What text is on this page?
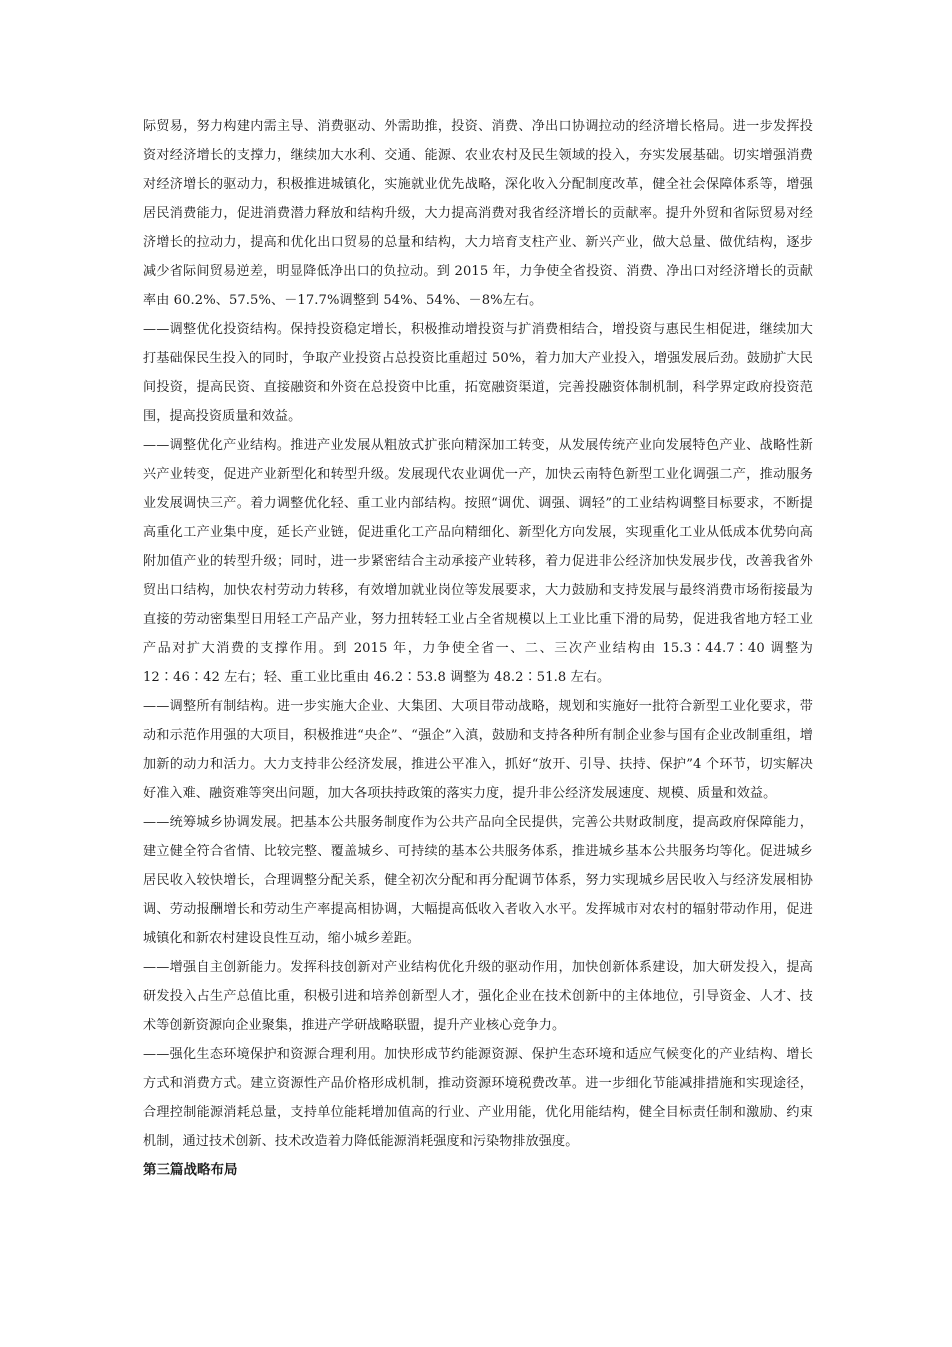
际贸易，努力构建内需主导、消费驱动、外需助推，投资、消费、净出口协调拉动的经济增长格局。进一步发挥投资对经济增长的支撑力，继续加大水利、交通、能源、农业农村及民生领域的投入，夯实发展基础。切实增强消费对经济增长的驱动力，积极推进城镇化，实施就业优先战略，深化收入分配制度改革，健全社会保障体系等，增强居民消费能力，促进消费潜力释放和结构升级，大力提高消费对我省经济增长的贡献率。提升外贸和省际贸易对经济增长的拉动力，提高和优化出口贸易的总量和结构，大力培育支柱产业、新兴产业，做大总量、做优结构，逐步减少省际间贸易逆差，明显降低净出口的负拉动。到 2015 年，力争使全省投资、消费、净出口对经济增长的贡献率由 60.2%、57.5%、－17.7%调整到 54%、54%、－8%左右。

——调整优化投资结构。保持投资稳定增长，积极推动增投资与扩消费相结合，增投资与惠民生相促进，继续加大打基础保民生投入的同时，争取产业投资占总投资比重超过 50%，着力加大产业投入，增强发展后劲。鼓励扩大民间投资，提高民资、直接融资和外资在总投资中比重，拓宽融资渠道，完善投融资体制机制，科学界定政府投资范围，提高投资质量和效益。

——调整优化产业结构。推进产业发展从粗放式扩张向精深加工转变，从发展传统产业向发展特色产业、战略性新兴产业转变，促进产业新型化和转型升级。发展现代农业调优一产，加快云南特色新型工业化调强二产，推动服务业发展调快三产。着力调整优化轻、重工业内部结构。按照“调优、调强、调轻”的工业结构调整目标要求，不断提高重化工产业集中度，延长产业链，促进重化工产品向精细化、新型化方向发展，实现重化工业从低成本优势向高附加值产业的转型升级；同时，进一步紧密结合主动承接产业转移，着力促进非公经济加快发展步伐，改善我省外贸出口结构，加快农村劳动力转移，有效增加就业岗位等发展要求，大力鼓励和支持发展与最终消费市场衔接最为直接的劳动密集型日用轻工产品产业，努力扭转轻工业占全省规模以上工业比重下滑的局势，促进我省地方轻工业产品对扩大消费的支撑作用。到 2015 年，力争使全省一、二、三次产业结构由 15.3∶44.7∶40 调整为 12∶46∶42 左右；轻、重工业比重由 46.2∶53.8 调整为 48.2∶51.8 左右。

——调整所有制结构。进一步实施大企业、大集团、大项目带动战略，规划和实施好一批符合新型工业化要求，带动和示范作用强的大项目，积极推进“央企”、“强企”入滇，鼓励和支持各种所有制企业参与国有企业改制重组，增加新的动力和活力。大力支持非公经济发展，推进公平准入，抓好“放开、引导、扶持、保护”4 个环节，切实解决好准入难、融资难等突出问题，加大各项扶持政策的落实力度，提升非公经济发展速度、规模、质量和效益。

——统筹城乡协调发展。把基本公共服务制度作为公共产品向全民提供，完善公共财政制度，提高政府保障能力，建立健全符合省情、比较完整、覆盖城乡、可持续的基本公共服务体系，推进城乡基本公共服务均等化。促进城乡居民收入较快增长，合理调整分配关系，健全初次分配和再分配调节体系，努力实现城乡居民收入与经济发展相协调、劳动报酬增长和劳动生产率提高相协调，大幅提高低收入者收入水平。发挥城市对农村的辐射带动作用，促进城镇化和新农村建设良性互动，缩小城乡差距。

——增强自主创新能力。发挥科技创新对产业结构优化升级的驱动作用，加快创新体系建设，加大研发投入，提高研发投入占生产总值比重，积极引进和培养创新型人才，强化企业在技术创新中的主体地位，引导资金、人才、技术等创新资源向企业聚集，推进产学研战略联盟，提升产业核心竞争力。

——强化生态环境保护和资源合理利用。加快形成节约能源资源、保护生态环境和适应气候变化的产业结构、增长方式和消费方式。建立资源性产品价格形成机制，推动资源环境税费改革。进一步细化节能减排措施和实现途径，合理控制能源消耗总量，支持单位能耗增加值高的行业、产业用能，优化用能结构，健全目标责任制和激励、约束机制，通过技术创新、技术改造着力降低能源消耗强度和污染物排放强度。

第三篇战略布局
